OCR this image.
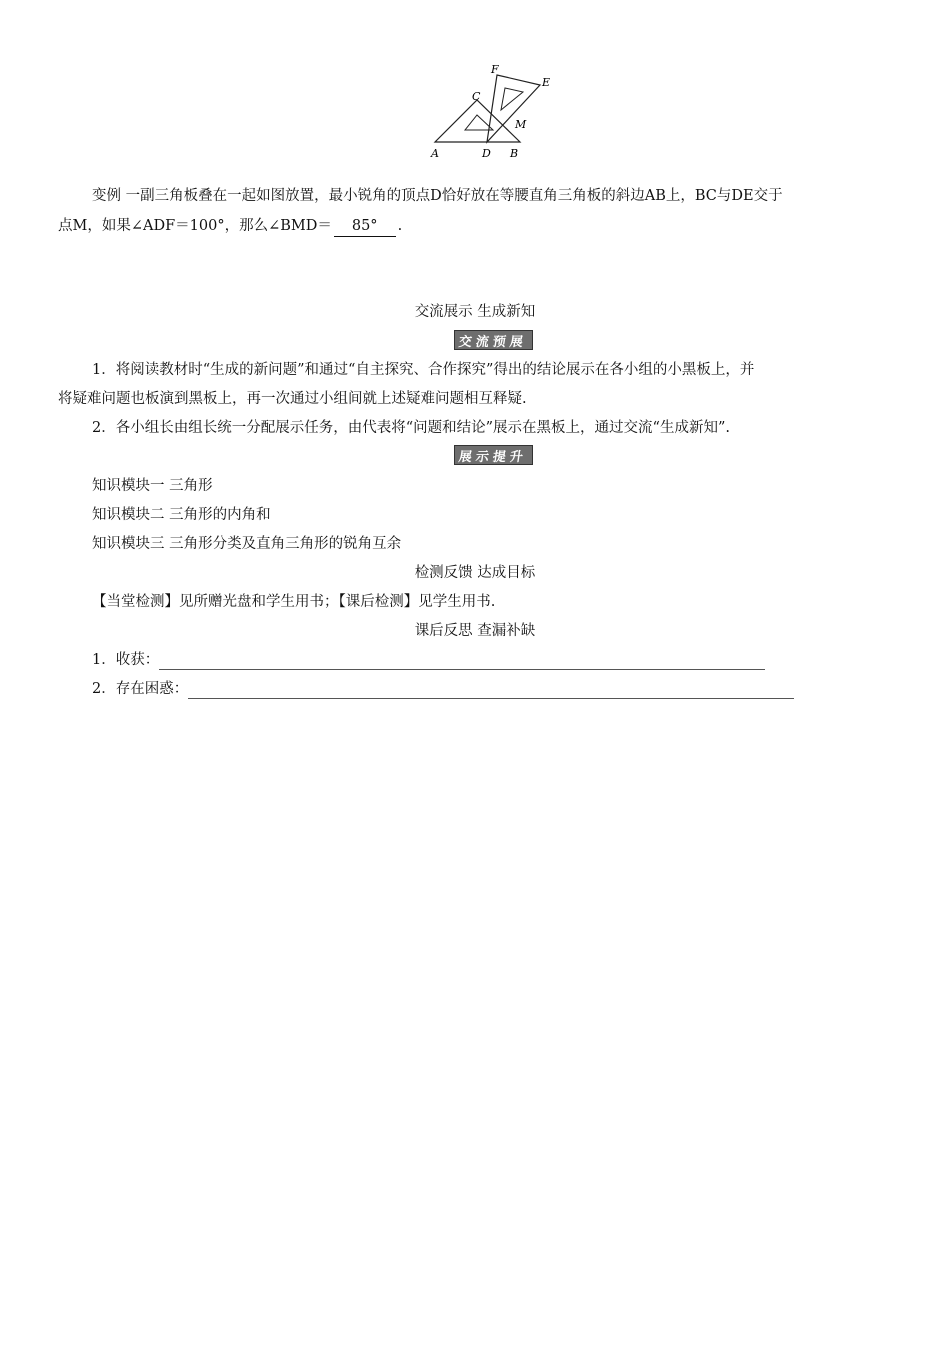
F
E
C
M
A	D B
变例 一副三角板叠在一起如图放置，最小锐角的顶点D恰好放在等腰直角三角板的斜边AB上，BC与DE交于
点M，如果∠ADF＝100°，那么∠BMD＝ 85° .
交流展示 生成新知
交流预展
1．将阅读教材时“生成的新问题”和通过“自主探究、合作探究”得出的结论展示在各小组的小黑板上，并
将疑难问题也板演到黑板上，再一次通过小组间就上述疑难问题相互释疑.
2．各小组长由组长统一分配展示任务，由代表将“问题和结论”展示在黑板上，通过交流“生成新知”.
展示提升
知识模块一 三角形
知识模块二 三角形的内角和
知识模块三 三角形分类及直角三角形的锐角互余
检测反馈 达成目标
【当堂检测】见所赠光盘和学生用书；【课后检测】见学生用书.
课后反思 查漏补缺
1．收获：
2．存在困惑：
